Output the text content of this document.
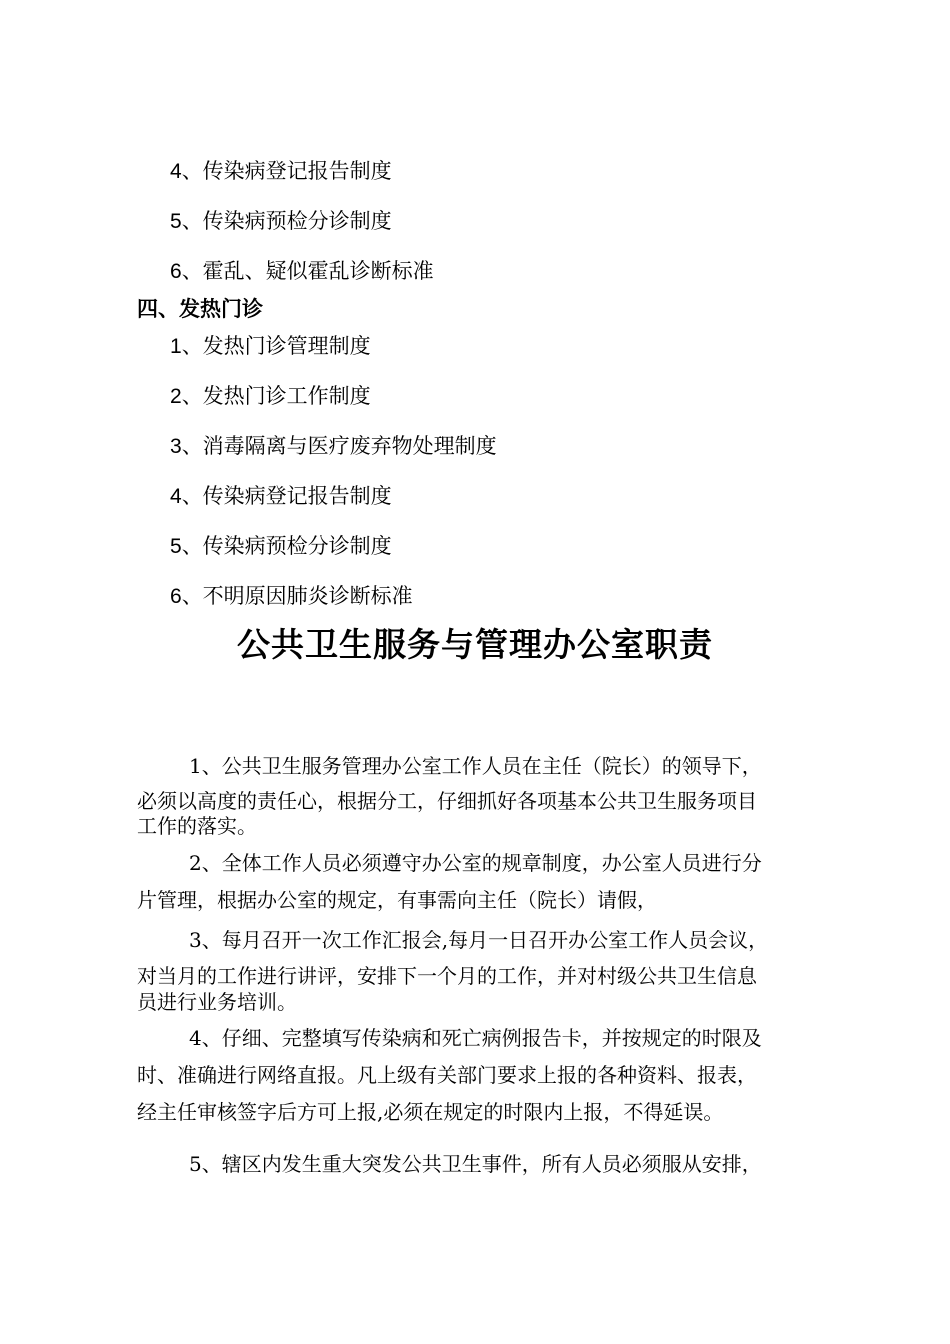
4、传染病登记报告制度
5、传染病预检分诊制度
6、霍乱、疑似霍乱诊断标准
四、发热门诊
1、发热门诊管理制度
2、发热门诊工作制度
3、消毒隔离与医疗废弃物处理制度
4、传染病登记报告制度
5、传染病预检分诊制度
6、不明原因肺炎诊断标准
公共卫生服务与管理办公室职责
1、公共卫生服务管理办公室工作人员在主任（院长）的领导下，
必须以高度的责任心，根据分工，仔细抓好各项基本公共卫生服务项目
工作的落实。
2、全体工作人员必须遵守办公室的规章制度，办公室人员进行分
片管理，根据办公室的规定，有事需向主任（院长）请假，
3、每月召开一次工作汇报会,每月一日召开办公室工作人员会议，
对当月的工作进行讲评，安排下一个月的工作，并对村级公共卫生信息
员进行业务培训。
4、仔细、完整填写传染病和死亡病例报告卡，并按规定的时限及
时、准确进行网络直报。凡上级有关部门要求上报的各种资料、报表，
经主任审核签字后方可上报,必须在规定的时限内上报，不得延误。
5、辖区内发生重大突发公共卫生事件，所有人员必须服从安排，
